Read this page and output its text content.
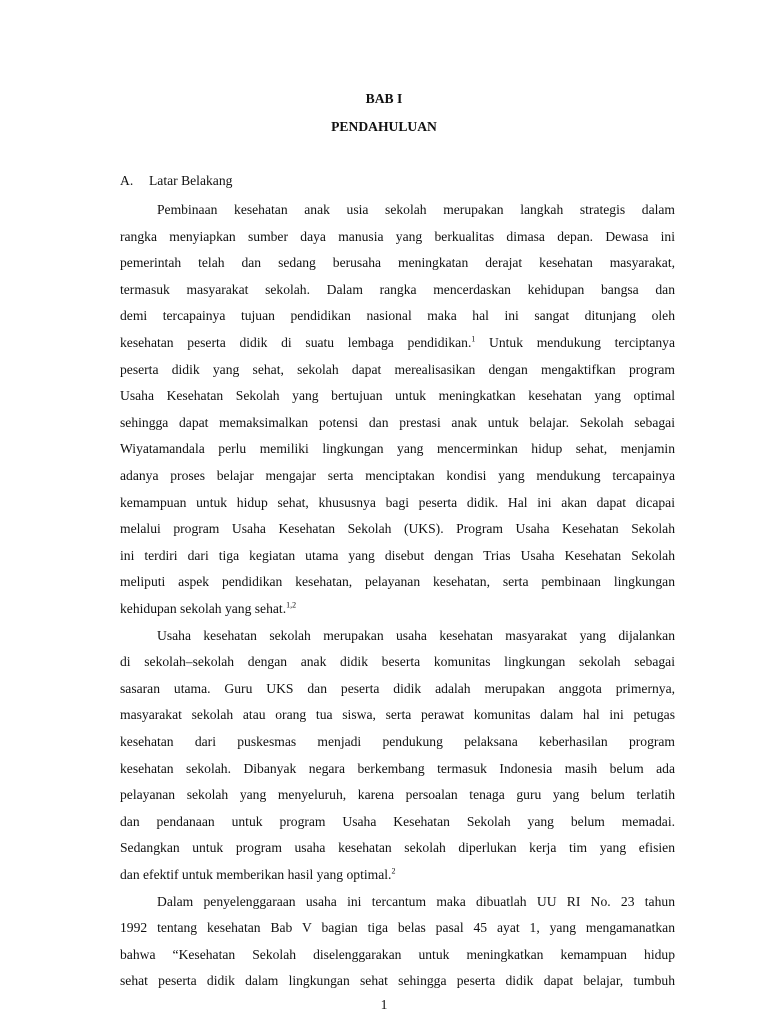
BAB I
PENDAHULUAN
A. Latar Belakang
Pembinaan kesehatan anak usia sekolah merupakan langkah strategis dalam
rangka menyiapkan sumber daya manusia yang berkualitas dimasa depan. Dewasa ini
pemerintah telah dan sedang berusaha meningkatan derajat kesehatan masyarakat,
termasuk masyarakat sekolah. Dalam rangka mencerdaskan kehidupan bangsa dan
demi tercapainya tujuan pendidikan nasional maka hal ini sangat ditunjang oleh
kesehatan peserta didik di suatu lembaga pendidikan.$^1$ Untuk mendukung terciptanya
peserta didik yang sehat, sekolah dapat merealisasikan dengan mengaktifkan program
Usaha Kesehatan Sekolah yang bertujuan untuk meningkatkan kesehatan yang optimal
sehingga dapat memaksimalkan potensi dan prestasi anak untuk belajar. Sekolah sebagai
Wiyatamandala perlu memiliki lingkungan yang mencerminkan hidup sehat, menjamin
adanya proses belajar mengajar serta menciptakan kondisi yang mendukung tercapainya
kemampuan untuk hidup sehat, khususnya bagi peserta didik. Hal ini akan dapat dicapai
melalui program Usaha Kesehatan Sekolah (UKS). Program Usaha Kesehatan Sekolah
ini terdiri dari tiga kegiatan utama yang disebut dengan Trias Usaha Kesehatan Sekolah
meliputi aspek pendidikan kesehatan, pelayanan kesehatan, serta pembinaan lingkungan
kehidupan sekolah yang sehat.$^{1,2}$
Usaha kesehatan sekolah merupakan usaha kesehatan masyarakat yang dijalankan
di sekolah–sekolah dengan anak didik beserta komunitas lingkungan sekolah sebagai
sasaran utama. Guru UKS dan peserta didik adalah merupakan anggota primernya,
masyarakat sekolah atau orang tua siswa, serta perawat komunitas dalam hal ini petugas
kesehatan dari puskesmas menjadi pendukung pelaksana keberhasilan program
kesehatan sekolah. Dibanyak negara berkembang termasuk Indonesia masih belum ada
pelayanan sekolah yang menyeluruh, karena persoalan tenaga guru yang belum terlatih
dan pendanaan untuk program Usaha Kesehatan Sekolah yang belum memadai.
Sedangkan untuk program usaha kesehatan sekolah diperlukan kerja tim yang efisien
dan efektif untuk memberikan hasil yang optimal.$^2$
Dalam penyelenggaraan usaha ini tercantum maka dibuatlah UU RI No. 23 tahun
1992 tentang kesehatan Bab V bagian tiga belas pasal 45 ayat 1, yang mengamanatkan
bahwa “Kesehatan Sekolah diselenggarakan untuk meningkatkan kemampuan hidup
sehat peserta didik dalam lingkungan sehat sehingga peserta didik dapat belajar, tumbuh
1
